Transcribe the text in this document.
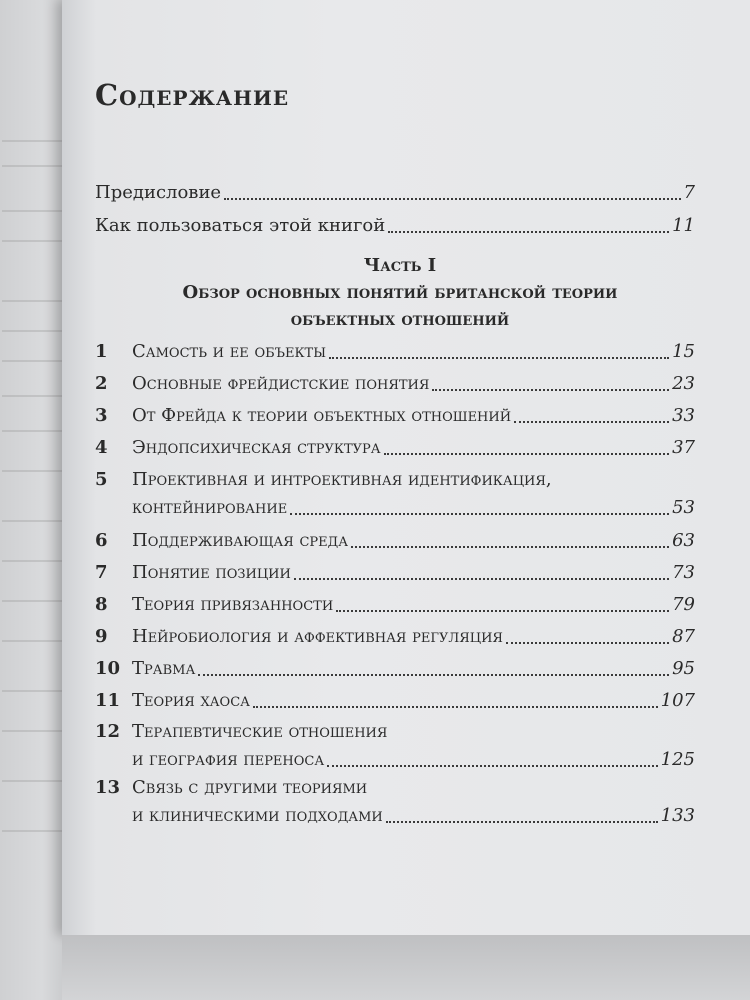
Содержание
Предисловие	7
Как пользоваться этой книгой	11
Часть I
Обзор основных понятий британской теории
объектных отношений
1 Самость и ее объекты	15
2 Основные фрейдистские понятия	23
3 От Фрейда к теории объектных отношений	33
4 Эндопсихическая структура	37
5 Проективная и интроективная идентификация,
контейнирование	53
6 Поддерживающая среда	63
7 Понятие позиции	73
8 Теория привязанности	79
9 Нейробиология и аффективная регуляция	87
10 Травма	95
11 Теория хаоса	107
12 Терапевтические отношения
и география переноса	125
13 Связь с другими теориями
и клиническими подходами	133
